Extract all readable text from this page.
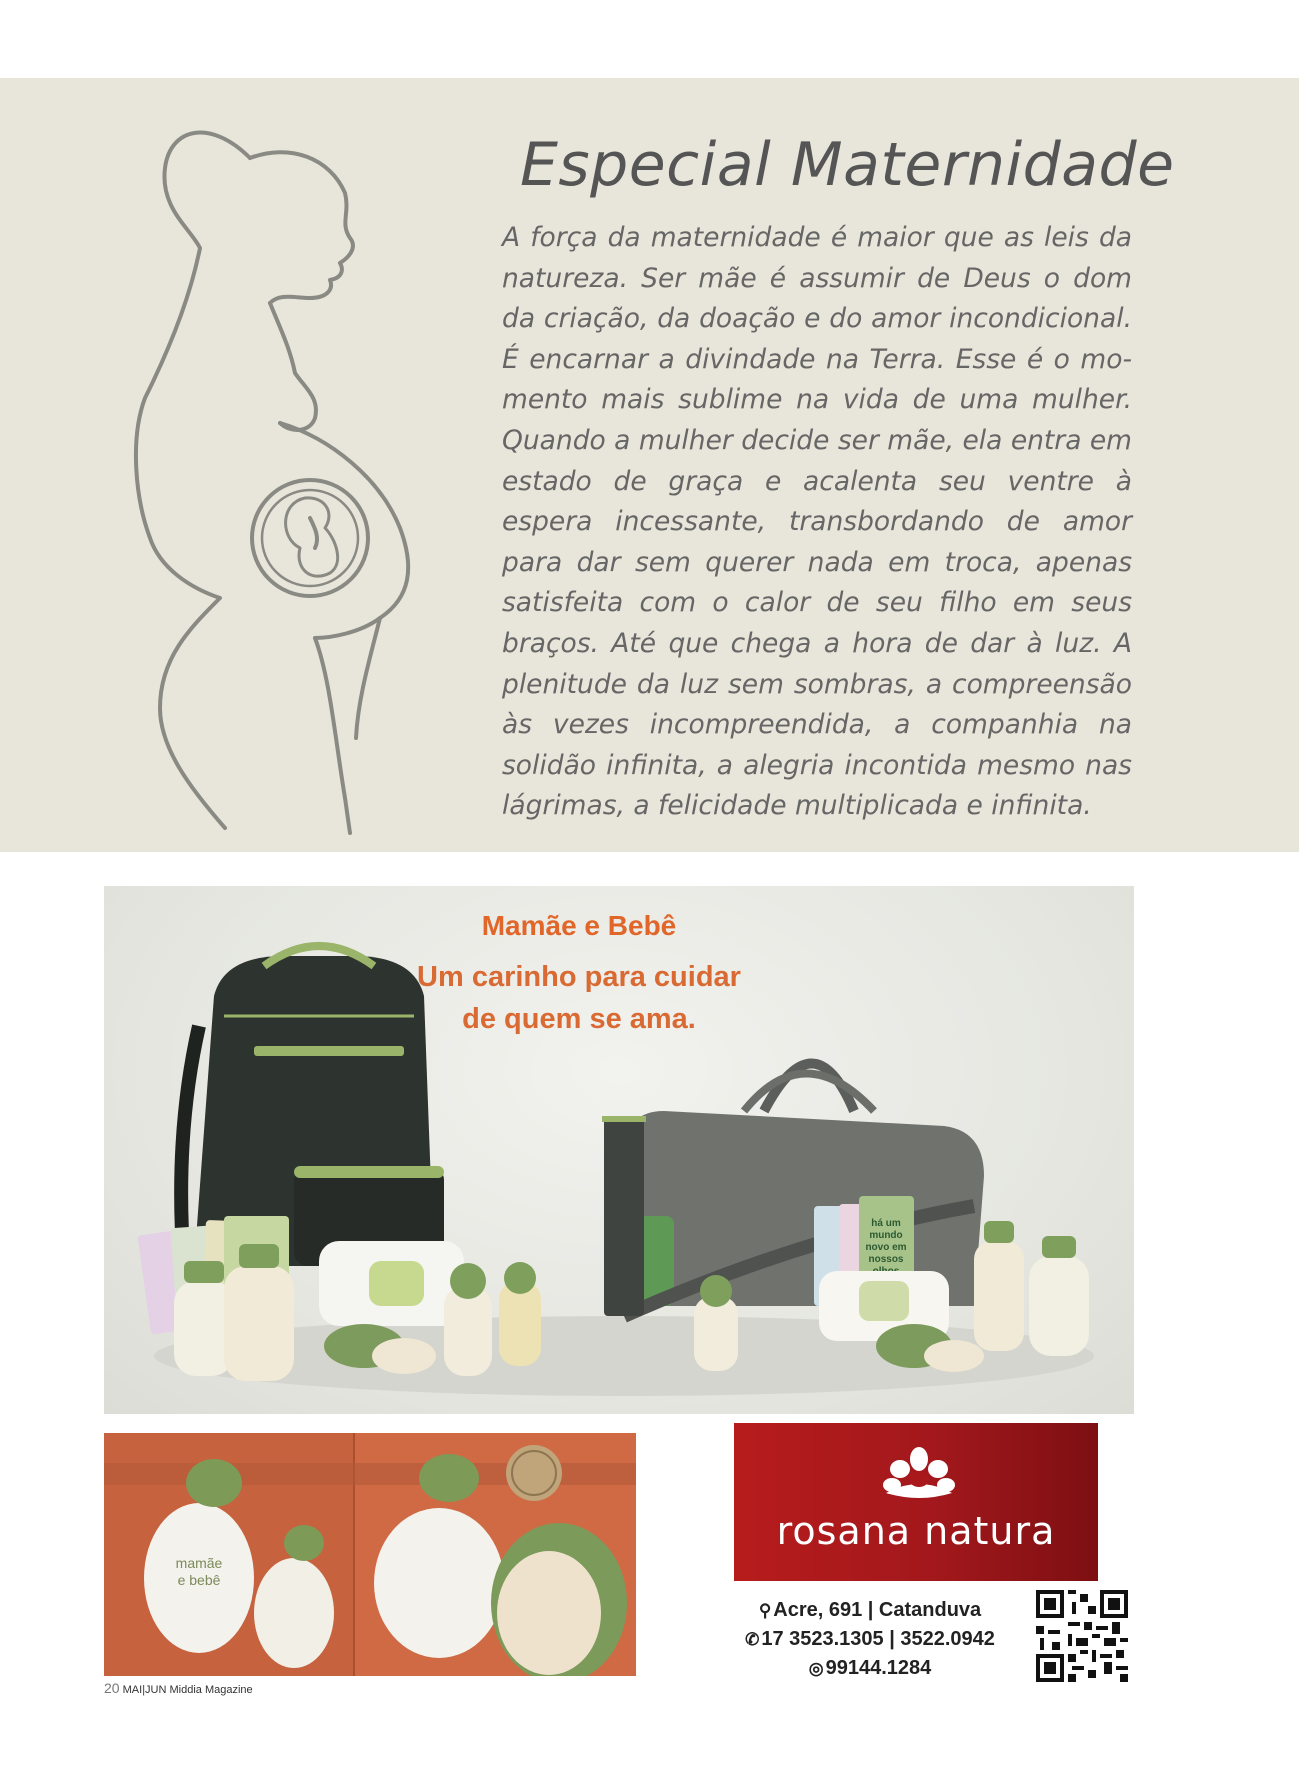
Especial Maternidade

A força da maternidade é maior que as leis da natureza. Ser mãe é assumir de Deus o dom da criação, da doação e do amor incondicional. É encarnar a divindade na Terra. Esse é o momento mais sublime na vida de uma mulher. Quando a mulher decide ser mãe, ela entra em estado de graça e acalenta seu ventre à espera incessante, transbordando de amor para dar sem querer nada em troca, apenas satisfeita com o calor de seu filho em seus braços. Até que chega a hora de dar à luz. A plenitude da luz sem sombras, a compreensão às vezes incompreendida, a companhia na solidão infinita, a alegria incontida mesmo nas lágrimas, a felicidade multiplicada e infinita.

há um
mundo
novo em
nossos
Mamãe e Bebê
Um carinho para cuidar
de quem se ama.
mamãe
e bebê
rosana natura
⚲ Acre, 691 | Catanduva
✆ 17 3523.1305 | 3522.0942
◎ 99144.1284
20 MAI|JUN Middia Magazine
